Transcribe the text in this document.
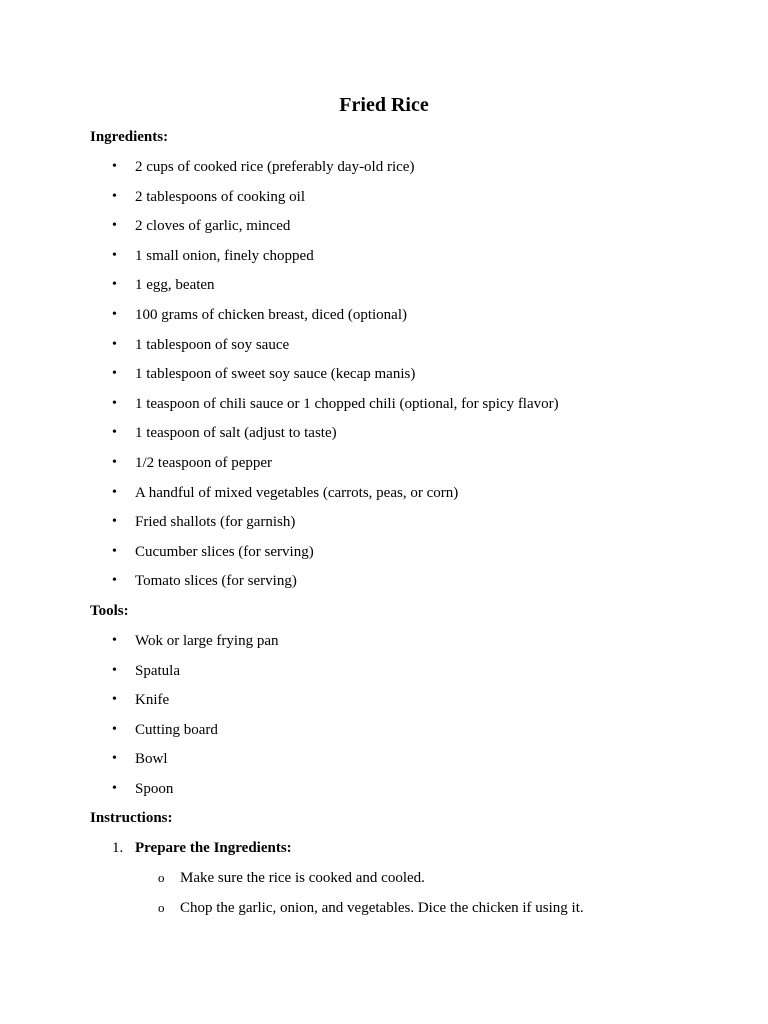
Fried Rice
Ingredients:
• 2 cups of cooked rice (preferably day-old rice)
• 2 tablespoons of cooking oil
• 2 cloves of garlic, minced
• 1 small onion, finely chopped
• 1 egg, beaten
• 100 grams of chicken breast, diced (optional)
• 1 tablespoon of soy sauce
• 1 tablespoon of sweet soy sauce (kecap manis)
• 1 teaspoon of chili sauce or 1 chopped chili (optional, for spicy flavor)
• 1 teaspoon of salt (adjust to taste)
• 1/2 teaspoon of pepper
• A handful of mixed vegetables (carrots, peas, or corn)
• Fried shallots (for garnish)
• Cucumber slices (for serving)
• Tomato slices (for serving)
Tools:
• Wok or large frying pan
• Spatula
• Knife
• Cutting board
• Bowl
• Spoon
Instructions:
1. Prepare the Ingredients:
o Make sure the rice is cooked and cooled.
o Chop the garlic, onion, and vegetables. Dice the chicken if using it.
